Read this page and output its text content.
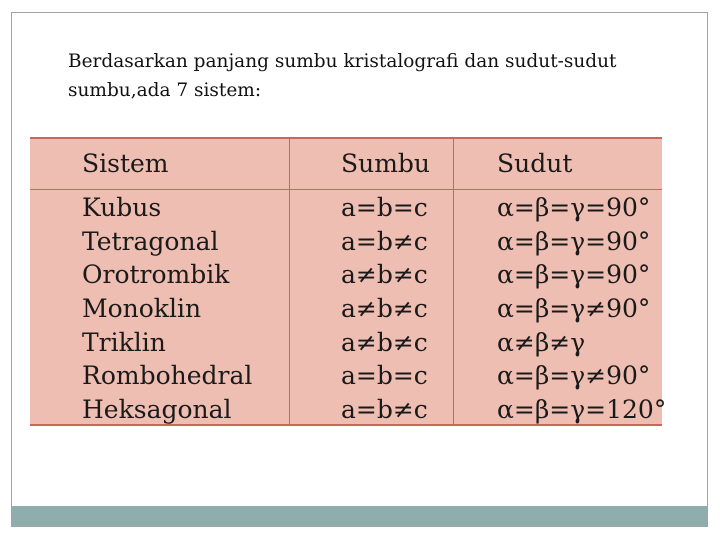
Berdasarkan panjang sumbu kristalografi dan sudut-sudut sumbu,ada 7 sistem:

Sistem	Sumbu	Sudut
Kubus
Tetragonal
Orotrombik
Monoklin
Triklin
Rombohedral
Heksagonal
a=b=c
a=b≠c
a≠b≠c
a≠b≠c
a≠b≠c
a=b=c
a=b≠c
α=β=γ=90°
α=β=γ=90°
α=β=γ=90°
α=β=γ≠90°
α≠β≠γ
α=β=γ≠90°
α=β=γ=120°
